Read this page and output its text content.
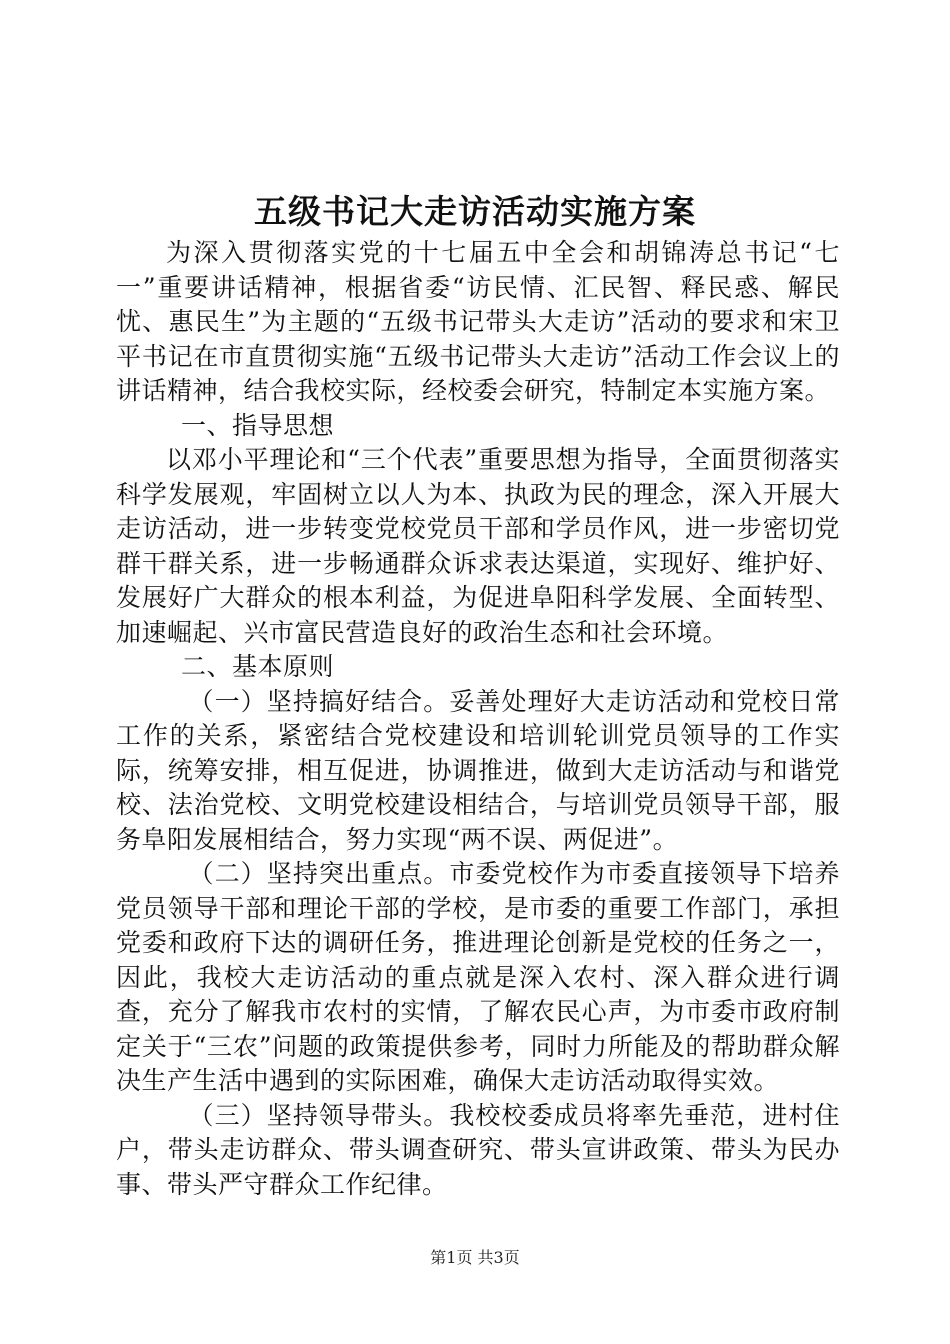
五级书记大走访活动实施方案

为深入贯彻落实党的十七届五中全会和胡锦涛总书记“七一”重要讲话精神，根据省委“访民情、汇民智、释民惑、解民忧、惠民生”为主题的“五级书记带头大走访”活动的要求和宋卫平书记在市直贯彻实施“五级书记带头大走访”活动工作会议上的讲话精神，结合我校实际，经校委会研究，特制定本实施方案。

一、指导思想

以邓小平理论和“三个代表”重要思想为指导，全面贯彻落实科学发展观，牢固树立以人为本、执政为民的理念，深入开展大走访活动，进一步转变党校党员干部和学员作风，进一步密切党群干群关系，进一步畅通群众诉求表达渠道，实现好、维护好、发展好广大群众的根本利益，为促进阜阳科学发展、全面转型、加速崛起、兴市富民营造良好的政治生态和社会环境。

二、基本原则

（一）坚持搞好结合。妥善处理好大走访活动和党校日常工作的关系，紧密结合党校建设和培训轮训党员领导的工作实际，统筹安排，相互促进，协调推进，做到大走访活动与和谐党校、法治党校、文明党校建设相结合，与培训党员领导干部，服务阜阳发展相结合，努力实现“两不误、两促进”。

（二）坚持突出重点。市委党校作为市委直接领导下培养党员领导干部和理论干部的学校，是市委的重要工作部门，承担党委和政府下达的调研任务，推进理论创新是党校的任务之一，因此，我校大走访活动的重点就是深入农村、深入群众进行调查，充分了解我市农村的实情，了解农民心声，为市委市政府制定关于“三农”问题的政策提供参考，同时力所能及的帮助群众解决生产生活中遇到的实际困难，确保大走访活动取得实效。

（三）坚持领导带头。我校校委成员将率先垂范，进村住户，带头走访群众、带头调查研究、带头宣讲政策、带头为民办事、带头严守群众工作纪律。

第1页 共3页
